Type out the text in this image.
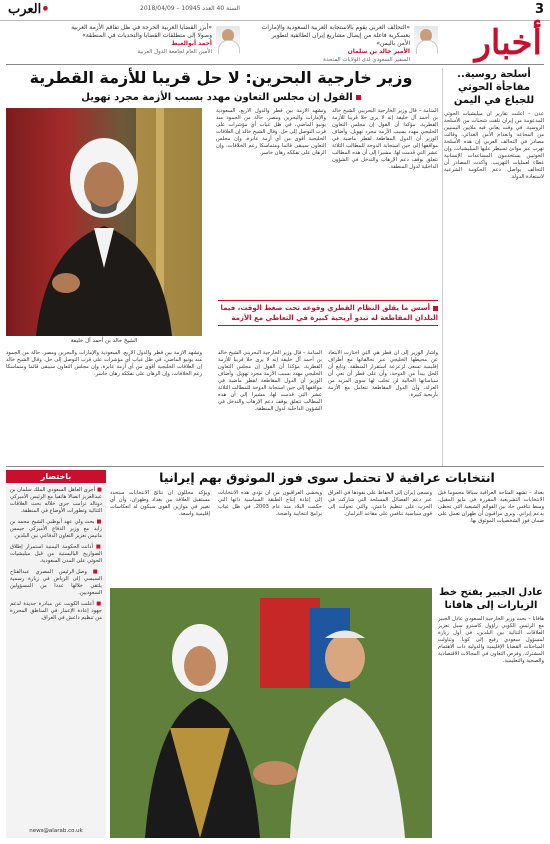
العرب•	السنة 40 العدد 10945 – 2018/04/09	3
أخبار
«التحالف العربي يقوم بالاستجابة العربية السعودية والإمارات بعسكرية فاعلة من إيصال مشاريع إيران الطائفية لتطوير الأمن باليمن»
الأمير خالد بن سلمان
السفير السعودي لدى الولايات المتحدة
«أبرز القضايا العربية الحرجة في ظل تفاقم الأزمة العربية وصولا إلى منطلقات القضايا والتحديات في المنطقة»
أحمد أبوالغيط
الأمين العام لجامعة الدول العربية
أسلحة روسية.. مفاجأة الحوثي للجياع في اليمن

عدن – أعلنت تقارير أن ميليشيات الحوثي المدعومة من إيران تلقت شحنات من الأسلحة الروسية، في وقت يعاني فيه ملايين اليمنيين من المجاعة وانعدام الأمن الغذائي. وقالت مصادر في التحالف العربي إن هذه الأسلحة تهرب عبر موانئ تسيطر عليها الميليشيات، وإن الحوثيين يستخدمون المساعدات الإنسانية غطاء لعمليات التهريب. وأكدت المصادر أن التحالف يواصل دعم الحكومة الشرعية لاستعادة الدولة.

وزير خارجية البحرين: لا حل قريبا للأزمة القطرية
القول إن مجلس التعاون مهدد بسبب الأزمة مجرد تهويل
الشيخ خالد بن أحمد آل خليفة

المنامة – قال وزير الخارجية البحريني الشيخ خالد بن أحمد آل خليفة إنه لا يرى حلا قريبا للأزمة القطرية، مؤكدا أن القول إن مجلس التعاون الخليجي مهدد بسبب الأزمة مجرد تهويل. وأضاف الوزير أن الدول المقاطعة لقطر ماضية في مواقفها إلى حين استجابة الدوحة للمطالب الثلاثة عشر التي قدمت لها، مشيرا إلى أن هذه المطالب تتعلق بوقف دعم الإرهاب والتدخل في الشؤون الداخلية لدول المنطقة.

وتشهد الأزمة بين قطر والدول الأربع، السعودية والإمارات والبحرين ومصر، حالة من الجمود منذ يونيو الماضي، في ظل غياب أي مؤشرات على قرب التوصل إلى حل. وقال الشيخ خالد إن العلاقات الخليجية أقوى من أي أزمة عابرة، وإن مجلس التعاون سيبقى قائما ومتماسكا رغم الخلافات، وإن الرهان على تفككه رهان خاسر.

أسس ما يقلق النظام القطري وقوعه تحت ضغط الوقت، فيما البلدان المقاطعة له تبدو أريحية كبيرة في التعاطي مع الأزمة

وأشار الوزير إلى أن قطر هي التي اختارت الابتعاد عن محيطها الخليجي عبر تحالفاتها مع أطراف إقليمية تسعى لزعزعة استقرار المنطقة. وتابع أن الحل يبدأ من الدوحة، وأن على قطر أن تعي أن سياساتها الحالية لن تجلب لها سوى المزيد من العزلة، وأن الدول المقاطعة تتعامل مع الأزمة بأريحية كبيرة.

المنامة – قال وزير الخارجية البحريني الشيخ خالد بن أحمد آل خليفة إنه لا يرى حلا قريبا للأزمة القطرية، مؤكدا أن القول إن مجلس التعاون الخليجي مهدد بسبب الأزمة مجرد تهويل. وأضاف الوزير أن الدول المقاطعة لقطر ماضية في مواقفها إلى حين استجابة الدوحة للمطالب الثلاثة عشر التي قدمت لها، مشيرا إلى أن هذه المطالب تتعلق بوقف دعم الإرهاب والتدخل في الشؤون الداخلية لدول المنطقة.

وتشهد الأزمة بين قطر والدول الأربع، السعودية والإمارات والبحرين ومصر، حالة من الجمود منذ يونيو الماضي، في ظل غياب أي مؤشرات على قرب التوصل إلى حل. وقال الشيخ خالد إن العلاقات الخليجية أقوى من أي أزمة عابرة، وإن مجلس التعاون سيبقى قائما ومتماسكا رغم الخلافات، وإن الرهان على تفككه رهان خاسر.

انتخابات عراقية لا تحتمل سوى فوز الموثوق بهم إيرانيا

بغداد – تشهد الساحة العراقية سباقا محموما قبل الانتخابات التشريعية المقررة في مايو المقبل، وسط تنافس حاد بين القوائم الشيعية التي تحظى بدعم إيراني. ويرى مراقبون أن طهران تعمل على ضمان فوز الشخصيات الموثوق بها.

وتسعى إيران إلى الحفاظ على نفوذها في العراق عبر دعم الفصائل المسلحة التي شاركت في الحرب على تنظيم داعش، والتي تحولت إلى قوى سياسية تنافس على مقاعد البرلمان.

ويخشى العراقيون من أن تؤدي هذه الانتخابات إلى إعادة إنتاج الطبقة السياسية ذاتها التي حكمت البلاد منذ عام 2003، في ظل غياب برامج انتخابية واضحة.

ويؤكد محللون أن نتائج الانتخابات ستحدد مستقبل العلاقة بين بغداد وطهران، وأن أي تغيير في موازين القوى سيكون له انعكاسات إقليمية واسعة.

عادل الجبير يفتح خط الزيارات إلى هافانا

هافانا – بحث وزير الخارجية السعودي عادل الجبير مع الرئيس الكوبي راؤول كاسترو سبل تعزيز العلاقات الثنائية بين البلدين، في أول زيارة لمسؤول سعودي رفيع إلى كوبا. وتناولت المباحثات القضايا الإقليمية والدولية ذات الاهتمام المشترك، وفرص التعاون في المجالات الاقتصادية والصحية والتعليمية.

باختصار
■ أجرى العاهل السعودي الملك سلمان بن عبدالعزيز اتصالا هاتفيا مع الرئيس الأميركي دونالد ترامب جرى خلاله بحث العلاقات الثنائية وتطورات الأوضاع في المنطقة.
■ بحث ولي عهد أبوظبي الشيخ محمد بن زايد مع وزير الدفاع الأميركي جيمس ماتيس تعزيز التعاون الدفاعي بين البلدين.
■ أدانت الحكومة اليمنية استمرار إطلاق الصواريخ الباليستية من قبل ميليشيات الحوثي على المدن السعودية.
■ وصل الرئيس المصري عبدالفتاح السيسي إلى الرياض في زيارة رسمية يلتقي خلالها عددا من المسؤولين السعوديين.
■ أعلنت الكويت عن مبادرة جديدة لدعم جهود إعادة الإعمار في المناطق المحررة من تنظيم داعش في العراق.
news@alarab.co.uk
